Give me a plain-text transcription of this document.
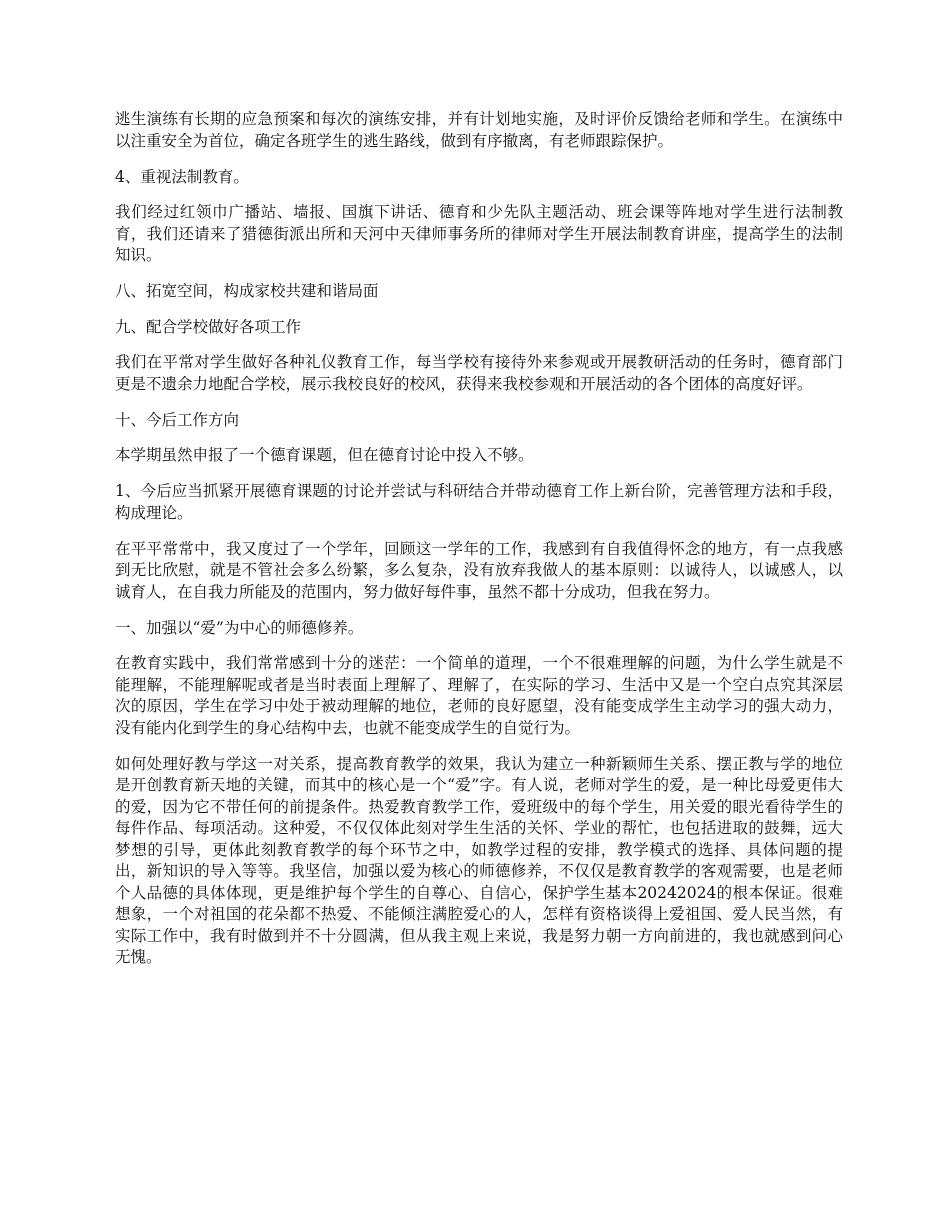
逃生演练有长期的应急预案和每次的演练安排，并有计划地实施，及时评价反馈给老师和学生。在演练中以注重安全为首位，确定各班学生的逃生路线，做到有序撤离，有老师跟踪保护。

4、重视法制教育。

我们经过红领巾广播站、墙报、国旗下讲话、德育和少先队主题活动、班会课等阵地对学生进行法制教育，我们还请来了猎德街派出所和天河中天律师事务所的律师对学生开展法制教育讲座，提高学生的法制知识。

八、拓宽空间，构成家校共建和谐局面

九、配合学校做好各项工作

我们在平常对学生做好各种礼仪教育工作，每当学校有接待外来参观或开展教研活动的任务时，德育部门更是不遗余力地配合学校，展示我校良好的校风，获得来我校参观和开展活动的各个团体的高度好评。

十、今后工作方向

本学期虽然申报了一个德育课题，但在德育讨论中投入不够。

1、今后应当抓紧开展德育课题的讨论并尝试与科研结合并带动德育工作上新台阶，完善管理方法和手段，构成理论。

在平平常常中，我又度过了一个学年，回顾这一学年的工作，我感到有自我值得怀念的地方，有一点我感到无比欣慰，就是不管社会多么纷繁，多么复杂，没有放弃我做人的基本原则：以诚待人，以诚感人，以诚育人，在自我力所能及的范围内，努力做好每件事，虽然不都十分成功，但我在努力。

一、加强以“爱”为中心的师德修养。

在教育实践中，我们常常感到十分的迷茫：一个简单的道理，一个不很难理解的问题，为什么学生就是不能理解，不能理解呢或者是当时表面上理解了、理解了，在实际的学习、生活中又是一个空白点究其深层次的原因，学生在学习中处于被动理解的地位，老师的良好愿望，没有能变成学生主动学习的强大动力，没有能内化到学生的身心结构中去，也就不能变成学生的自觉行为。

如何处理好教与学这一对关系，提高教育教学的效果，我认为建立一种新颖师生关系、摆正教与学的地位是开创教育新天地的关键，而其中的核心是一个“爱”字。有人说，老师对学生的爱，是一种比母爱更伟大的爱，因为它不带任何的前提条件。热爱教育教学工作，爱班级中的每个学生，用关爱的眼光看待学生的每件作品、每项活动。这种爱，不仅仅体此刻对学生生活的关怀、学业的帮忙，也包括进取的鼓舞，远大梦想的引导，更体此刻教育教学的每个环节之中，如教学过程的安排，教学模式的选择、具体问题的提出，新知识的导入等等。我坚信，加强以爱为核心的师德修养，不仅仅是教育教学的客观需要，也是老师个人品德的具体体现，更是维护每个学生的自尊心、自信心，保护学生基本20242024的根本保证。很难想象，一个对祖国的花朵都不热爱、不能倾注满腔爱心的人，怎样有资格谈得上爱祖国、爱人民当然，有实际工作中，我有时做到并不十分圆满，但从我主观上来说，我是努力朝一方向前进的，我也就感到问心无愧。
